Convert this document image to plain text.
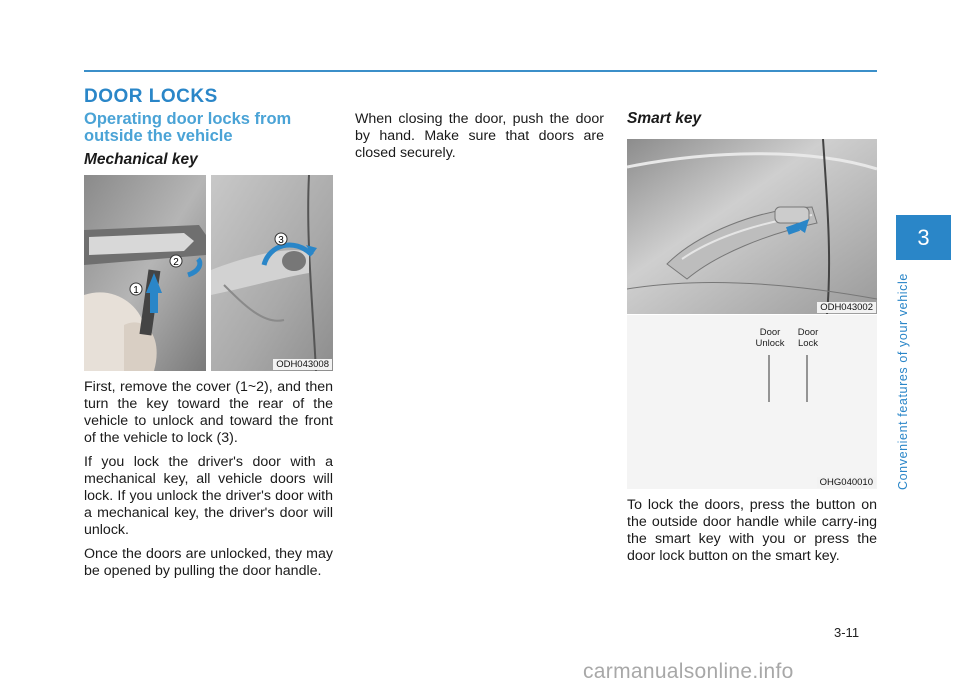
DOOR LOCKS
Operating door locks from outside the vehicle
Mechanical key
1
2
3
ODH043008

First, remove the cover (1~2), and then turn the key toward the rear of the vehicle to unlock and toward the front of the vehicle to lock (3).

If you lock the driver's door with a mechanical key, all vehicle doors will lock. If you unlock the driver's door with a mechanical key, the driver's door will unlock.

Once the doors are unlocked, they may be opened by pulling the door handle.

When closing the door, push the door by hand. Make sure that doors are closed securely.

Smart key
ODH043002
Door
Unlock
Door
Lock
OHG040010

To lock the doors, press the button on the outside door handle while carry-ing the smart key with you or press the door lock button on the smart key.

3
Convenient features of your vehicle
3-11
carmanualsonline.info
